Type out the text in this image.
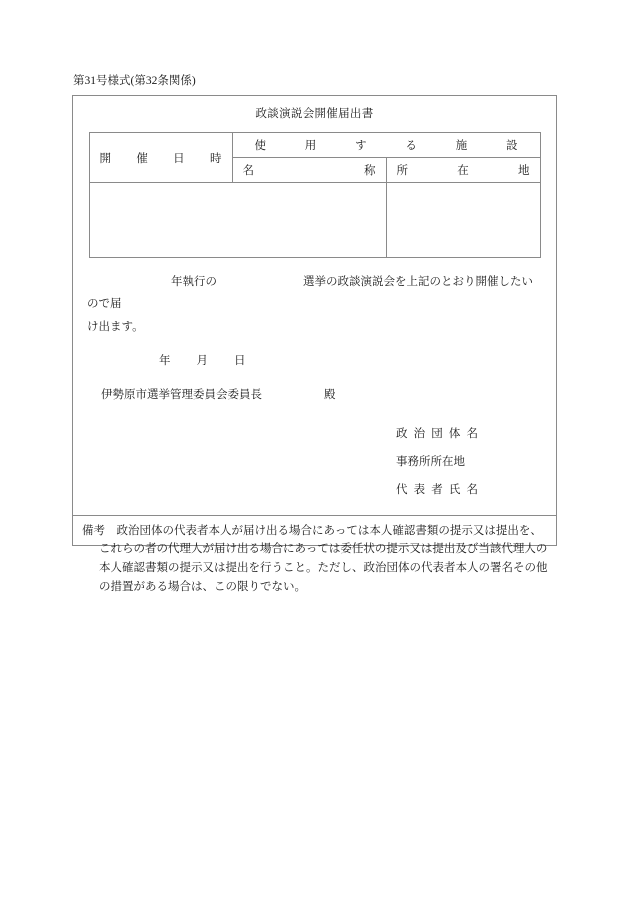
第31号様式(第32条関係)
政談演説会開催届出書
開催日時	使用する施設	

	名称	所在地

年執行の	選挙の政談演説会を上記のとおり開催したいので届
け出ます。
年 月 日
伊勢原市選挙管理委員会委員長	殿
政治団体名
事務所所在地
代表者氏名
備考　政治団体の代表者本人が届け出る場合にあっては本人確認書類の提示又は提出を、
これらの者の代理人が届け出る場合にあっては委任状の提示又は提出及び当該代理人の
本人確認書類の提示又は提出を行うこと。ただし、政治団体の代表者本人の署名その他
の措置がある場合は、この限りでない。
